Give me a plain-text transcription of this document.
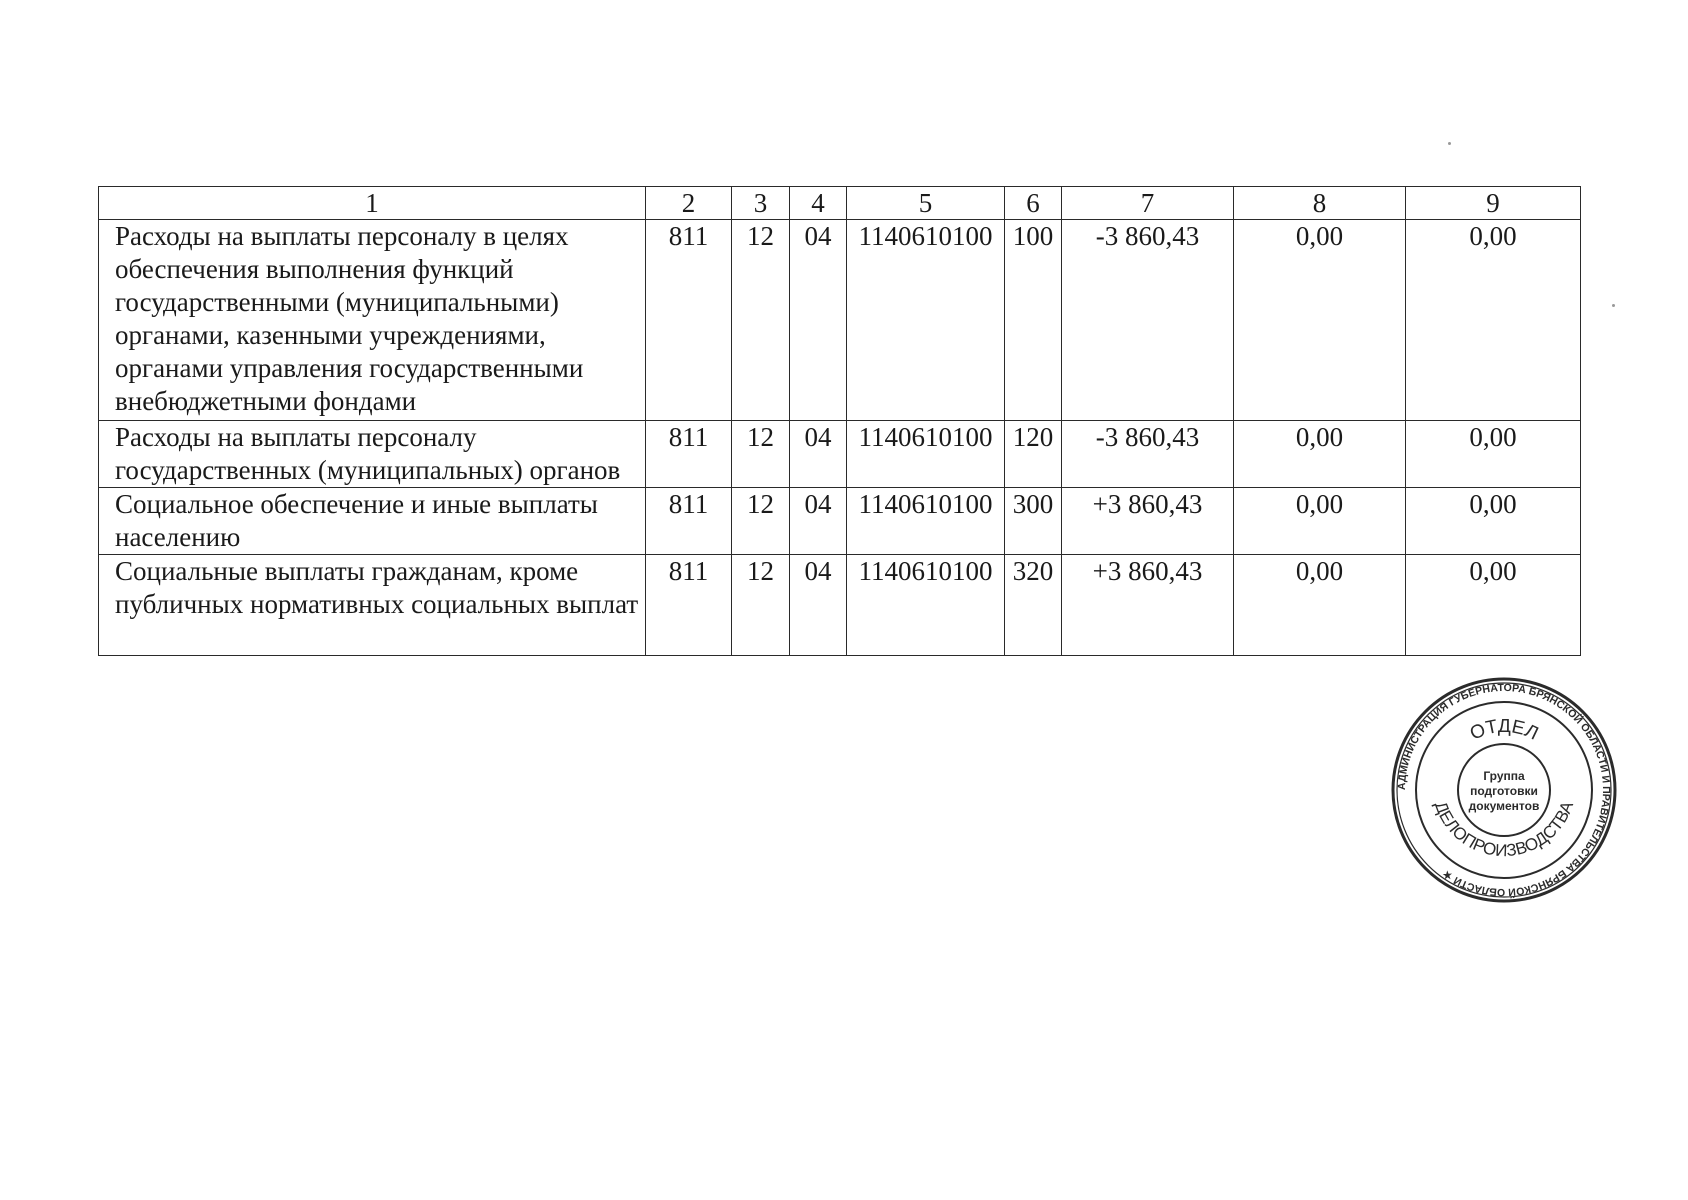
1	2	3	4	5	6	7	8	9
Расходы на выплаты персоналу в целях обеспечения выполнения функций государственными (муниципальными) органами, казенными учреждениями, органами управления государственными внебюджетными фондами	811	12	04	1140610100	100	-3 860,43	0,00	0,00
Расходы на выплаты персоналу государственных (муниципальных) органов	811	12	04	1140610100	120	-3 860,43	0,00	0,00
Социальное обеспечение и иные выплаты населению	811	12	04	1140610100	300	+3 860,43	0,00	0,00
Социальные выплаты гражданам, кроме публичных нормативных социальных выплат	811	12	04	1140610100	320	+3 860,43	0,00	0,00
АДМИНИСТРАЦИЯ ГУБЕРНАТОРА БРЯНСКОЙ ОБЛАСТИ И ПРАВИТЕЛЬСТВА БРЯНСКОЙ ОБЛАСТИ ★
ОТДЕЛ
ДЕЛОПРОИЗВОДСТВА
Группа
подготовки
документов
